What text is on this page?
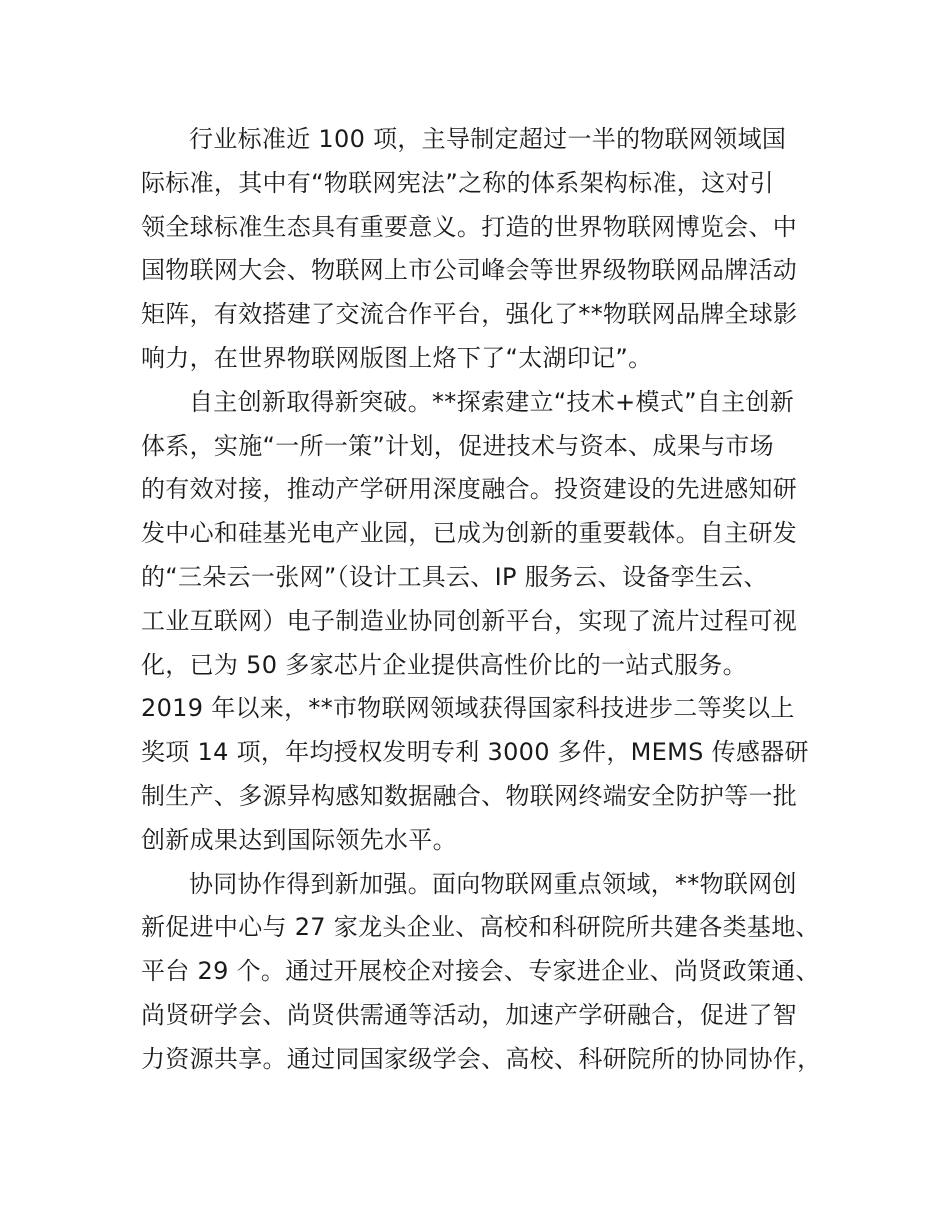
行业标准近 100 项，主导制定超过一半的物联网领域国
际标准，其中有“物联网宪法”之称的体系架构标准，这对引
领全球标准生态具有重要意义。打造的世界物联网博览会、中
国物联网大会、物联网上市公司峰会等世界级物联网品牌活动
矩阵，有效搭建了交流合作平台，强化了**物联网品牌全球影
响力，在世界物联网版图上烙下了“太湖印记”。

自主创新取得新突破。**探索建立“技术+模式”自主创新
体系，实施“一所一策”计划，促进技术与资本、成果与市场
的有效对接，推动产学研用深度融合。投资建设的先进感知研
发中心和硅基光电产业园，已成为创新的重要载体。自主研发
的“三朵云一张网”（设计工具云、IP 服务云、设备孪生云、
工业互联网）电子制造业协同创新平台，实现了流片过程可视
化，已为 50 多家芯片企业提供高性价比的一站式服务。
2019 年以来，**市物联网领域获得国家科技进步二等奖以上
奖项 14 项，年均授权发明专利 3000 多件，MEMS 传感器研
制生产、多源异构感知数据融合、物联网终端安全防护等一批
创新成果达到国际领先水平。

协同协作得到新加强。面向物联网重点领域，**物联网创
新促进中心与 27 家龙头企业、高校和科研院所共建各类基地、
平台 29 个。通过开展校企对接会、专家进企业、尚贤政策通、
尚贤研学会、尚贤供需通等活动，加速产学研融合，促进了智
力资源共享。通过同国家级学会、高校、科研院所的协同协作，
